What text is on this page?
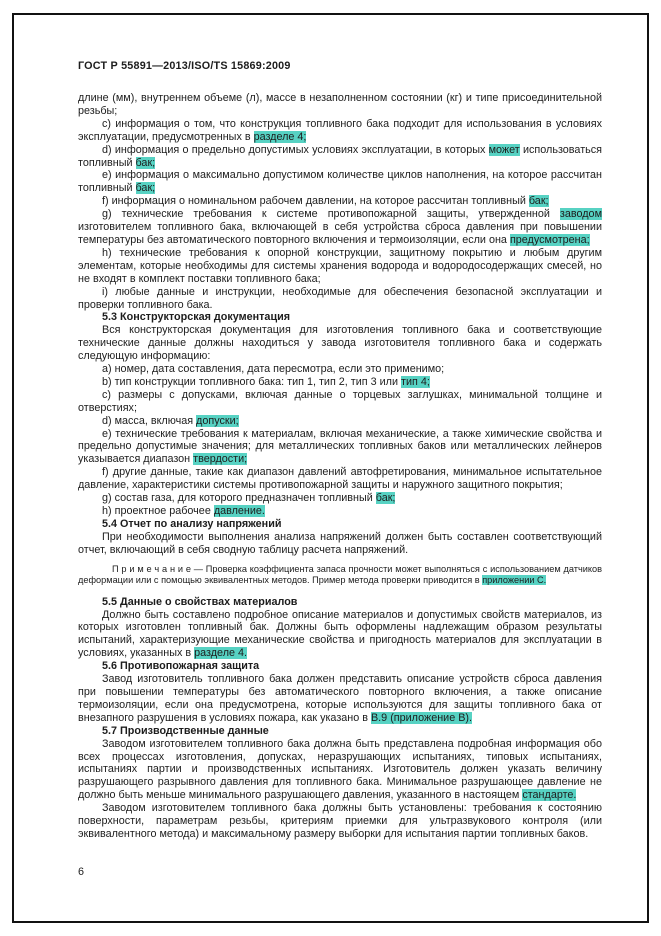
ГОСТ Р 55891—2013/ISO/TS 15869:2009

длине (мм), внутреннем объеме (л), массе в незаполненном состоянии (кг) и типе присоединительной резьбы;

c) информация о том, что конструкция топливного бака подходит для использования в условиях эксплуатации, предусмотренных в разделе 4;

d) информация о предельно допустимых условиях эксплуатации, в которых может использоваться топливный бак;

e) информация о максимально допустимом количестве циклов наполнения, на которое рассчитан топливный бак;

f) информация о номинальном рабочем давлении, на которое рассчитан топливный бак;

g) технические требования к системе противопожарной защиты, утвержденной заводом изготовителем топливного бака, включающей в себя устройства сброса давления при повышении температуры без автоматического повторного включения и термоизоляции, если она предусмотрена;

h) технические требования к опорной конструкции, защитному покрытию и любым другим элементам, которые необходимы для системы хранения водорода и водородосодержащих смесей, но не входят в комплект поставки топливного бака;

i) любые данные и инструкции, необходимые для обеспечения безопасной эксплуатации и проверки топливного бака.

5.3 Конструкторская документация

Вся конструкторская документация для изготовления топливного бака и соответствующие технические данные должны находиться у завода изготовителя топливного бака и содержать следующую информацию:

a) номер, дата составления, дата пересмотра, если это применимо;

b) тип конструкции топливного бака: тип 1, тип 2, тип 3 или тип 4;

c) размеры с допусками, включая данные о торцевых заглушках, минимальной толщине и отверстиях;

d) масса, включая допуски;

e) технические требования к материалам, включая механические, а также химические свойства и предельно допустимые значения; для металлических топливных баков или металлических лейнеров указывается диапазон твердости;

f) другие данные, такие как диапазон давлений автофретирования, минимальное испытательное давление, характеристики системы противопожарной защиты и наружного защитного покрытия;

g) состав газа, для которого предназначен топливный бак;

h) проектное рабочее давление.

5.4 Отчет по анализу напряжений

При необходимости выполнения анализа напряжений должен быть составлен соответствующий отчет, включающий в себя сводную таблицу расчета напряжений.

П р и м е ч а н и е — Проверка коэффициента запаса прочности может выполняться с использованием датчиков деформации или с помощью эквивалентных методов. Пример метода проверки приводится в приложении C.

5.5 Данные о свойствах материалов

Должно быть составлено подробное описание материалов и допустимых свойств материалов, из которых изготовлен топливный бак. Должны быть оформлены надлежащим образом результаты испытаний, характеризующие механические свойства и пригодность материалов для эксплуатации в условиях, указанных в разделе 4.

5.6 Противопожарная защита

Завод изготовитель топливного бака должен представить описание устройств сброса давления при повышении температуры без автоматического повторного включения, а также описание термоизоляции, если она предусмотрена, которые используются для защиты топливного бака от внезапного разрушения в условиях пожара, как указано в B.9 (приложение B).

5.7 Производственные данные

Заводом изготовителем топливного бака должна быть представлена подробная информация обо всех процессах изготовления, допусках, неразрушающих испытаниях, типовых испытаниях, испытаниях партии и производственных испытаниях. Изготовитель должен указать величину разрушающего разрывного давления для топливного бака. Минимальное разрушающее давление не должно быть меньше минимального разрушающего давления, указанного в настоящем стандарте.

Заводом изготовителем топливного бака должны быть установлены: требования к состоянию поверхности, параметрам резьбы, критериям приемки для ультразвукового контроля (или эквивалентного метода) и максимальному размеру выборки для испытания партии топливных баков.

6
